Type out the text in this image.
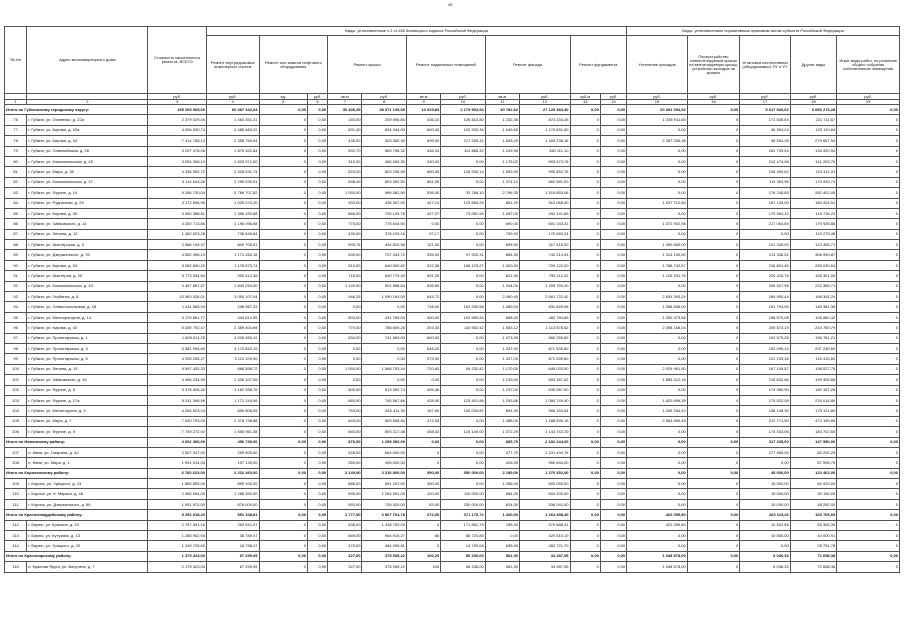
45
№ п/п	Адрес многоквартирного дома	Стоимость капитального ремонта, ВСЕГО	Виды, установленные ч.1 ст.166 Жилищного кодекса Российской Федерации											Виды, установленные нормативным правовым актом субъекта Российской Федерации				
			Ремонт внутридомовых инженерных систем	Ремонт или замена лифтового оборудования		Ремонт крыши		Ремонт подвальных помещений		Ремонт фасада		Ремонт фундамента		Утепление фасадов	Переустройство невентилируемой крыши на вентилируемую крышу, устройство выходов на кровлю	Установка коллективных (общедомовых) ПУ и УУ	Другие виды	Иные виды работ, по решению общего собрания собственников помещения
		руб.	руб.	ед.	руб.	кв.м	руб.	кв.м	руб.	кв.м	руб.	куб.м	руб.	руб.	руб.	руб.	руб.	руб.
1	2	3	4	5	6	7	8	9	10	11	12	13	14	15	16	17	18	19
Итого по Губкинскому городскому округу:		155 265 905,00	60 087 442,04	0,00	0,00	30 406,45	28 371 135,09	13 029,83	2 179 903,94	40 782,62	27 129 484,40	0,00	0,00	20 281 094,52	0,00	5 617 660,62	6 666 273,28	0,00
76	г. Губкин, ул. Осипенко, д. 22а	2 379 029,45	1 484 351,31	0	0,00	160,00	209 596,84	436,10	126 810,80	1 232,36	874 234,45	0	0,00	1 336 911,60	0	171 836,63	221 711,67	0
77	г. Губкин, ул. Кирова, д. 32а	4 006 930,74	2 485 683,22	0	0,00	831,40	834 344,00	600,40	102 925,35	1 649,60	1 170 831,60	0	0,00	0,00	0	96 304,24	103 119,84	0
78	г. Губкин, ул. Кирова, д. 34	7 414 768,13	2 358 760,94	0	0,00	435,00	303 360,30	699,00	217 295,32	1 845,20	1 409 236,16	0	0,00	2 287 035,38	0	98 554,28	279 657,94	0
79	г. Губкин, ул. Олимпийская, д. 26	3 207 478,06	1 875 322,84	0	0,00	692,70	865 796,32	436,34	114 868,32	1 249,30	330 111,10	0	0,00	0,00	0	181 793,54	134 992,54	0
80	г. Губкин, ул. Комсомольская, д. 45	3 004 308,10	1 603 971,00	0	0,00	319,00	456 084,30	430,00	0,00	1 175,02	693 573,78	0	0,00	0,00	0	212 474,08	141 203,70	0
81	г. Губкин, ул. Мира, д. 28	4 436 952,72	2 328 031,74	0	0,00	823,00	803 236,55	680,45	126 930,14	1 593,39	995 852,76	0	0,00	0,00	0	106 490,62	110 411,91	0
82	г. Губкин, ул. Комсомольская, д. 47	4 114 643,06	2 299 530,91	0	0,00	696,49	853 352,50	681,95	0,00	1 374,10	862 581,00	0	0,00	0,00	0	113 363,96	179 939,74	0
83	г. Губкин, ул. Фрунзе, д. 14	9 156 730,04	5 766 707,82	0	0,00	1 050,00	966 582,90	536,00	33 788,10	2 796,30	1 515 853,06	0	0,00	0,00	0	176 245,85	282 402,95	0
84	г. Губкин, ул. Рудничная, д. 25	3 172 696,95	1 025 070,20	0	0,00	333,00	438 357,00	427,10	123 665,25	861,20	513 068,40	0	0,00	1 037 712,60	0	167 125,00	160 424,51	0
85	г. Губкин, ул. Кирова, д. 30	3 590 388,51	1 356 459,88	0	0,00	666,00	745 105,78	427,37	74 081,99	1 287,00	492 141,86	0	0,00	0,00	0	170 964,32	115 716,24	0
86	г. Губкин, ул. Чайковского, д. 14	4 330 713,86	1 196 096,58	0	0,00	775,00	776 644,50	0,00	0,00	690,00	601 163,31	0	0,00	1 372 902,98	0	217 064,89	179 926,86	0
87	г. Губкин, ул. Ленина, д. 12	1 462 623,28	736 649,64	0	0,00	490,00	376 109,16	97,17	0,00	759,00	170 083,24	0	0,00	0,00	0	0,00	119 275,46	0
88	г. Губкин, ул. Шахтерская, д. 3	2 986 109,37	840 705,51	0	0,00	595,76	494 810,58	121,00	0,00	695,00	317 615,00	0	0,00	1 090 669,00	0	101 345,92	123 496,71	0
89	г. Губкин, ул. Дзержинского, д. 78	4 552 496,19	1 171 260,18	0	0,00	630,00	707 443,72	335,00	97 920,31	884,00	742 214,04	0	0,00	1 314 100,50	0	211 336,51	308 990,87	0
90	г. Губкин, ул. Кирова, д. 34	5 082 690,20	1 178 573,74	0	0,00	510,00	646 500,62	322,38	158 123,27	1 320,30	709 122,00	0	0,00	1 788 742,57	0	216 601,45	285 030,53	0
91	г. Губкин, ул. Шахтеров, д. 20	3 773 534,84	900 412,36	0	0,00	716,00	849 779,40	591,00	0,00	821,00	795 112,32	0	0,00	1 126 331,76	0	220 415,78	165 301,05	0
92	г. Губкин, ул. Комсомольская, д. 43	4 497 857,57	1 843 254,30	0	0,00	1 140,00	901 968,64	636,80	0,00	1 344,00	1 209 750,00	0	0,00	0,00	0	206 327,98	222 365,71	0
93	г. Губкин, ул. Гербинск, д. 6	10 963 026,01	3 054 107,04	0	0,00	946,25	1 090 169,00	644,72	0,00	2 450,40	2 681 722,42	0	0,00	2 834 393,24	0	189 950,44	168 391,24	0
94	г. Губкин, ул. Севастопольская, д. 18	1 611 565,94	238 967,33	0	0,00	0,00	0,00	718,00	162 339,58	1 089,00	531 849,08	0	0,00	1 358 836,00	0	151 794,99	145 381,36	0
95	г. Губкин, ул. Мелиораторов, д. 14	3 170 861,77	444 812,55	0	0,00	603,00	431 765,04	400,00	102 959,94	858,00	482 784,66	0	0,00	1 330 473,56	0	158 570,08	105 882,42	0
96	г. Губкин, ул. Кирова, д. 42	5 039 792,47	2 359 404,98	0	0,00	770,00	788 609,25	203,34	115 952,42	1 563,12	1 113 578,62	0	0,00	2 398 168,04	0	200 873,19	244 769,79	0
97	г. Губкин, ул. Пролетарская, д. 1	1 809 611,25	4 026 950,12	0	0,00	634,00	741 583,00	600,00	0,00	1 473,39	660 255,82	0	0,00	0,00	0	102 579,28	196 781,21	0
98	г. Губкин, ул. Пролетарская, д. 3	5 381 994,60	3 174 843,15	0	0,00	0,00	0,00	648,20	0,00	1 437,00	871 539,80	0	0,00	0,00	0	192 095,14	297 239,60	0
99	г. Губкин, ул. Пролетарская, д. 5	4 205 256,27	3 113 109,90	0	0,00	0,00	0,00	573,00	0,00	1 437,00	871 539,80	0	0,00	0,00	0	101 193,38	116 415,60	0
100	г. Губкин, ул. Ленина, д. 13	4 597 432,33	866 598,72	0	0,00	1 050,00	1 068 753,44	720,60	94 232,42	1 170,00	649 033,50	0	0,00	2 029 961,90	0	167 105,57	198 027,75	0
101	г. Губкин, ул. Чайковского, д. 16	4 496 234,90	1 330 107,06	0	0,00	0,00	0,00	0,00	0,00	1 133,00	694 267,32	0	0,00	1 855 412,16	0	216 632,66	199 305,66	0
102	г. Губкин, ул. Фрунзе, д. 8	3 378 826,40	1 162 358,76	0	0,00	600,00	613 352,74	495,46	0,00	1 237,00	630 087,00	0	0,00	0,00	0	174 360,90	180 157,28	0
103	г. Губкин, ул. Фрунзе, д. 17а	5 511 396,96	1 171 244,96	0	0,00	660,00	745 567,66	428,90	125 401,88	1 253,86	1 080 749,40	0	0,00	1 620 696,38	0	175 532,08	229 014,80	0
104	г. Губкин, ул. Металлургов, д. 3	4 054 623,24	890 806,05	0	0,00	753,00	616 411,30	167,69	100 039,82	894,00	506 153,54	0	0,00	1 205 254,42	0	136 148,35	175 121,80	0
105	г. Губкин, ул. Мира, д. 7	7 020 753,00	2 378 738,88	0	0,00	843,00	809 658,84	472,53	0,00	1 488,00	1 188 690,16	0	0,00	2 564 650,48	0	212 771,90	472 159,80	0
106	г. Губкин, ул. Фрунзе, д. 9	7 749 272,92	1 655 951,38	0	0,00	660,00	693 317,48	458,42	124 140,00	1 372,29	1 144 742,20	0	0,00	0,00	0	174 433,06	184 702,60	0
Итого по Ивнянскому району:		4 652 300,00	456 730,00	0,00	0,00	876,00	1 259 360,00	0,00	0,00	685,70	2 182 244,00	0,00	0,00	0,00	0,00	317 235,00	147 950,00	0,00
107	п. Ивня, ул. Гагарина, д. 42	2 507 347,00	259 600,00	0	0,00	528,00	664 000,00	0	0,00	477,70	1 231 494,76	0	0,00	0,00	0	277 965,00	80 292,25	0
108	п. Ивня, ул. Мира, д. 1	1 991 514,00	197 130,00	0	0,00	350,00	495 000,00	0	0,00	428,00	950 694,00	0	0,00	0,00	0	0,00	67 595,75	0
Итого по Корочанскому району:		6 782 623,00	2 232 460,00	0,00	0,00	2 149,00	2 316 800,00	390,00	550 000,00	2 189,00	1 270 352,00	0,00	0,00	0,00	0,00	45 000,00	123 462,00	0,00
109	г. Короча, ул. Урицкого, д. 13	1 865 855,00	899 100,00	0	0,00	886,00	691 207,00	390,00	0,00	1 456,00	600 050,00	0	0,00	0,00	0	15 000,00	60 920,00	0
110	г. Короча, ул. К. Маркса, д. 48	2 965 554,00	1 286 390,00	0	0,00	695,00	1 264 991,00	120,00	110 000,00	584,00	604 200,00	0	0,00	0,00	0	15 000,00	30 150,00	0
111	г. Короча, ул. Дзержинского, д. 89	1 951 972,00	876 000,00	0	0,00	593,00	739 420,00	83,00	330 000,00	624,00	536 041,00	0	0,00	0,00	0	15 000,00	48 282,00	0
Итого по Красногвардейскому району:		5 292 918,20	551 108,81	0,00	0,00	1 777,00	2 567 764,78	272,00	371 175,72	1 420,00	1 264 398,40	0,00	0,00	422 059,80	0,00	263 115,26	103 705,93	0,00
112	г. Бирюч, ул. Красина, д. 23	2 757 351,16	253 541,07	0	0,00	638,00	1 418 750,00	0	171 651,79	785,00	979 688,31	0	0,00	422 059,80	0	10 622,85	83 363,39	0
113	г. Бирюч, ул. Кутузова, д. 13	1 285 902,94	38 789,47	0	0,00	669,00	964 919,27	85	85 724,85	0,00	420 810,19	0	0,00	0,00	0	10 550,00	44 000,91	0
114	г. Бирюч, ул. Урицкого, д. 20	1 249 725,60	18 798,47	0	0,00	470,00	484 095,51	0	14 799,08	635,00	452 721,70	0	0,00	0,00	0	0,00	25 751,78	0
Итого по Красноярскому району:		1 379 423,00	67 299,05	0,00	0,00	327,00	375 935,22	100,20	56 236,00	581,00	34 287,95	0,00	0,00	1 048 578,00	0,00	6 036,33	72 658,38	0,00
115	п. Красная Яруга, ул. Ватутина, д. 7	2 179 423,00	67 299,05	0	0,00	327,00	375 935,22	100	56 236,00	581,00	34 287,95	0	0,00	1 048 578,00	0	6 036,33	72 658,38	0
